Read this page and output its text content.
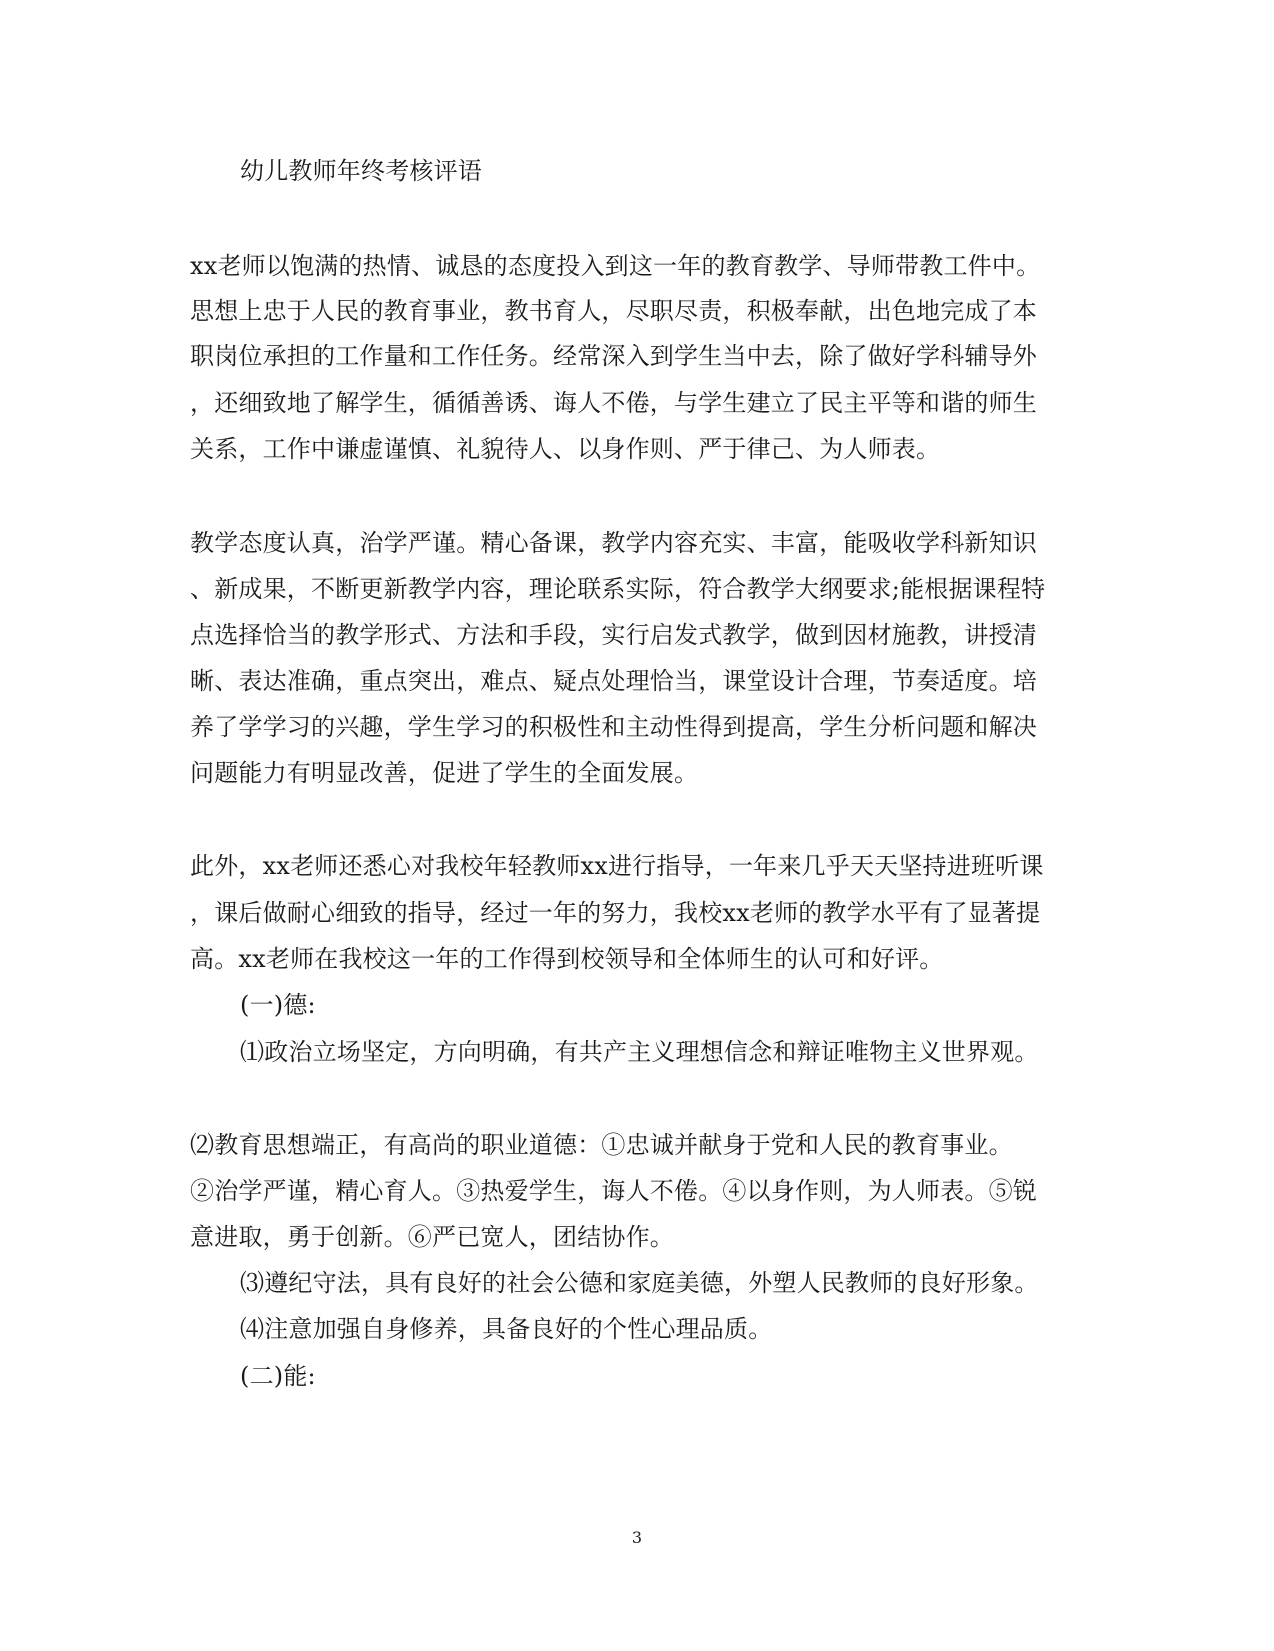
幼儿教师年终考核评语
xx老师以饱满的热情、诚恳的态度投入到这一年的教育教学、导师带教工件中。
思想上忠于人民的教育事业，教书育人，尽职尽责，积极奉献，出色地完成了本
职岗位承担的工作量和工作任务。经常深入到学生当中去，除了做好学科辅导外
，还细致地了解学生，循循善诱、诲人不倦，与学生建立了民主平等和谐的师生
关系，工作中谦虚谨慎、礼貌待人、以身作则、严于律己、为人师表。
教学态度认真，治学严谨。精心备课，教学内容充实、丰富，能吸收学科新知识
、新成果，不断更新教学内容，理论联系实际，符合教学大纲要求;能根据课程特
点选择恰当的教学形式、方法和手段，实行启发式教学，做到因材施教，讲授清
晰、表达准确，重点突出，难点、疑点处理恰当，课堂设计合理，节奏适度。培
养了学学习的兴趣，学生学习的积极性和主动性得到提高，学生分析问题和解决
问题能力有明显改善，促进了学生的全面发展。
此外，xx老师还悉心对我校年轻教师xx进行指导，一年来几乎天天坚持进班听课
，课后做耐心细致的指导，经过一年的努力，我校xx老师的教学水平有了显著提
高。xx老师在我校这一年的工作得到校领导和全体师生的认可和好评。
(一)德:
⑴政治立场坚定，方向明确，有共产主义理想信念和辩证唯物主义世界观。
⑵教育思想端正，有高尚的职业道德：①忠诚并献身于党和人民的教育事业。
②治学严谨，精心育人。③热爱学生，诲人不倦。④以身作则，为人师表。⑤锐
意进取，勇于创新。⑥严已宽人，团结协作。
⑶遵纪守法，具有良好的社会公德和家庭美德，外塑人民教师的良好形象。
⑷注意加强自身修养，具备良好的个性心理品质。
(二)能:
3
